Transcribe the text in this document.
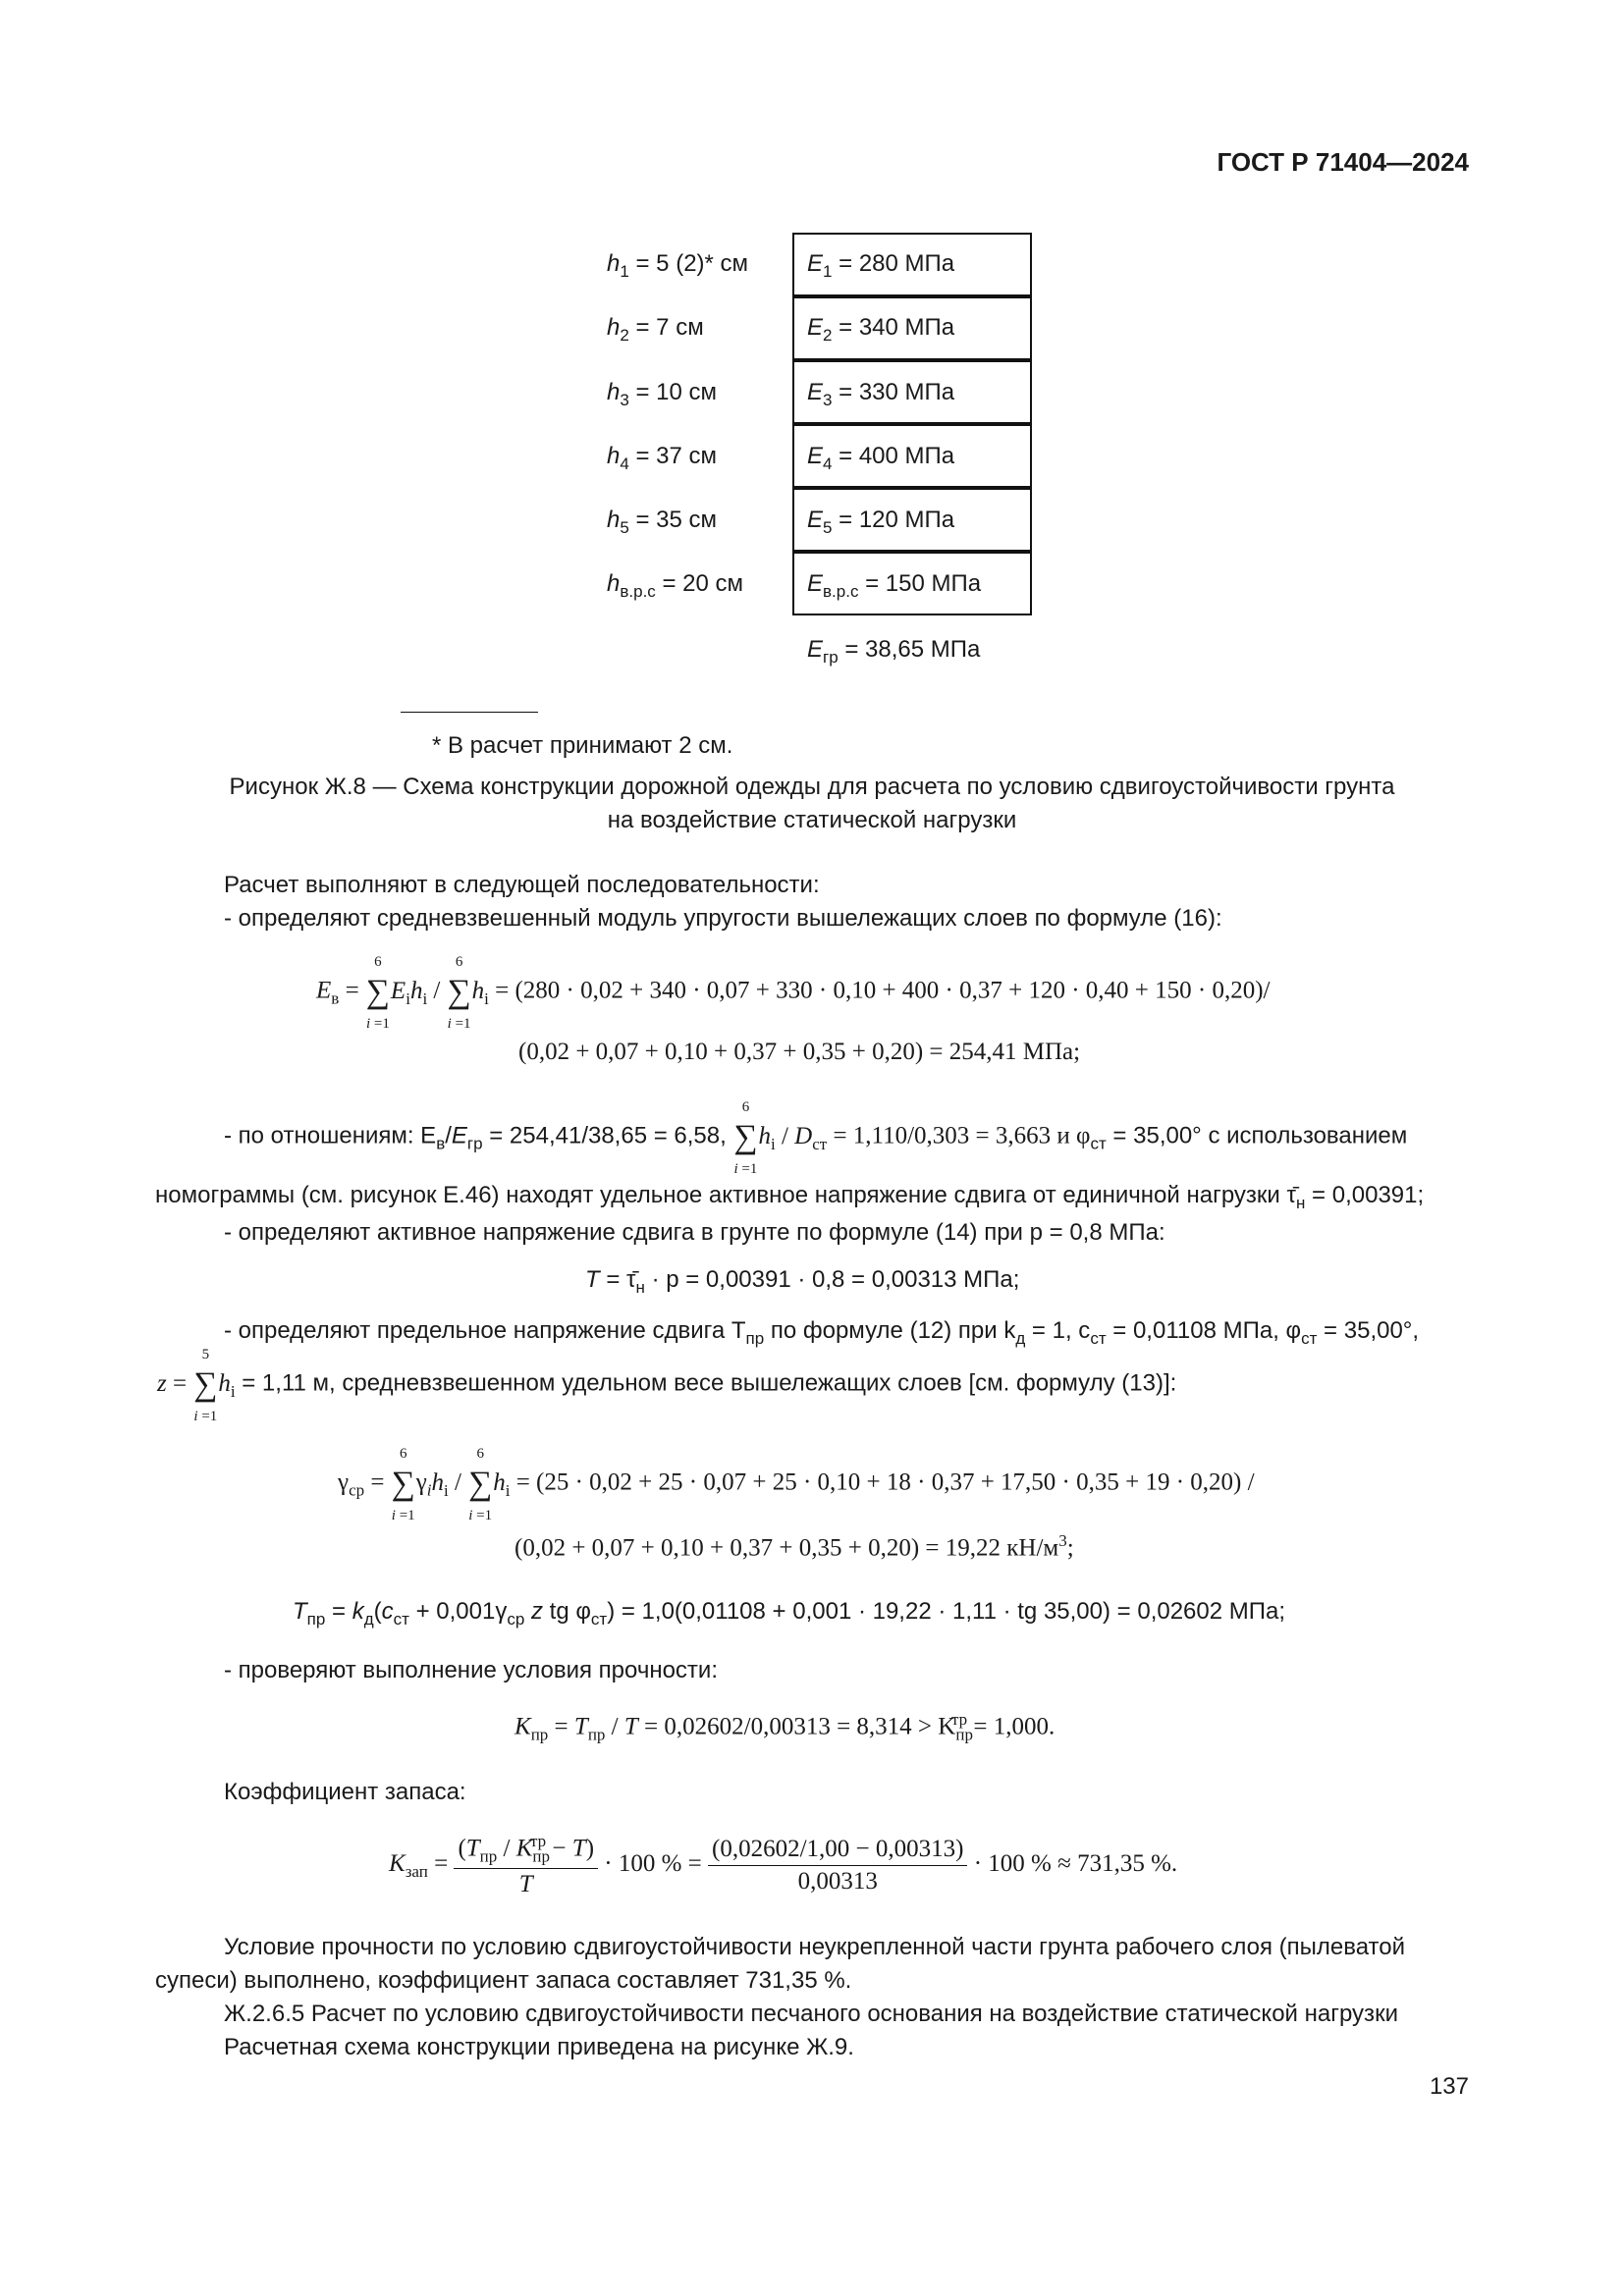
ГОСТ Р 71404—2024
$h_1 = 5$ (2)* см $E_1 = 280$ МПа
$h_2 = 7$ см	$E_2 = 340$ МПа
$h_3 = 10$ см	$E_3 = 330$ МПа
$h_4 = 37$ см	$E_4 = 400$ МПа
$h_5 = 35$ см	$E_5 = 120$ МПа
$h_{в.р.с} = 20$ см	$E_{в.р.с} = 150$ МПа
$E_{гр} = 38,65$ МПа
* В расчет принимают 2 см.
Рисунок Ж.8 — Схема конструкции дорожной одежды для расчета по условию сдвигоустойчивости грунта
на воздействие статической нагрузки
Расчет выполняют в следующей последовательности:
- определяют средневзвешенный модуль упругости вышележащих слоев по формуле (16):
$E_в$ =
6
∑
i =1
$E_ih_i$ /
6
∑
i =1
$h_i = (280 \cdot 0,02 + 340 \cdot 0,07 + 330 \cdot 0,10 + 400 \cdot 0,37 + 120 \cdot 0,40 + 150 \cdot 0,20)/$
(0,02 + 0,07 + 0,10 + 0,37 + 0,35 + 0,20) = 254,41 МПа;
- по отношениям: $E_в/E_{гр} = 254,41/38,65 = 6,58$,
6
∑
i =1
$h_i / D_{ст} = 1,110/0,303 = 3,663$ и $\varphi_{ст} = 35,00^\circ$ с использованием
номограммы (см. рисунок Е.46) находят удельное активное напряжение сдвига от единичной нагрузки $\taū_н = 0,00391$;
- определяют активное напряжение сдвига в грунте по формуле (14) при p = 0,8 МПа:
$T = \taū_н \cdot p = 0,00391 \cdot 0,8 = 0,00313$ МПа;
- определяют предельное напряжение сдвига $T_{пр}$ по формуле (12) при $k_д = 1$, $c_{ст} = 0,01108$ МПа, $\varphi_{ст} = 35,00^\circ$,
z =
5
∑
i =1
$h_i = 1,11$ м, средневзвешенном удельном весе вышележащих слоев [см. формулу (13)]:
$\gamma_{ср}$ =
6
∑
i =1
$\gamma_ih_i$ /
6
∑
i =1
$h_i = (25 \cdot 0,02 + 25 \cdot 0,07 + 25 \cdot 0,10 + 18 \cdot 0,37 + 17,50 \cdot 0,35 + 19 \cdot 0,20)$ /
(0,02 + 0,07 + 0,10 + 0,37 + 0,35 + 0,20) = 19,22 $кН/м^3$;
$T_{пр} = k_д(c_{ст} + 0,001\gamma_{ср}$ z tg $\varphi_{ст}) = 1,0(0,01108 + 0,001 \cdot 19,22 \cdot 1,11$ · tg 35,00) = 0,02602 МПа;
- проверяют выполнение условия прочности:
$K_{пр} = T_{пр} / T = 0,02602/0,00313 = 8,314 > K_{пр}^{тр} = 1,000$.
Коэффициент запаса:
$K_{зап} = \frac{(T_{пр} / K_{пр}^{тр} - T)}{T} \cdot 100$ % = $\frac{(0,02602/1,00 - 0,00313)}{0,00313} \cdot 100$ % ≈ 731,35 %.
Условие прочности по условию сдвигоустойчивости неукрепленной части грунта рабочего слоя (пылеватой
супеси) выполнено, коэффициент запаса составляет 731,35 %.
Ж.2.6.5 Расчет по условию сдвигоустойчивости песчаного основания на воздействие статической нагрузки
Расчетная схема конструкции приведена на рисунке Ж.9.
137
